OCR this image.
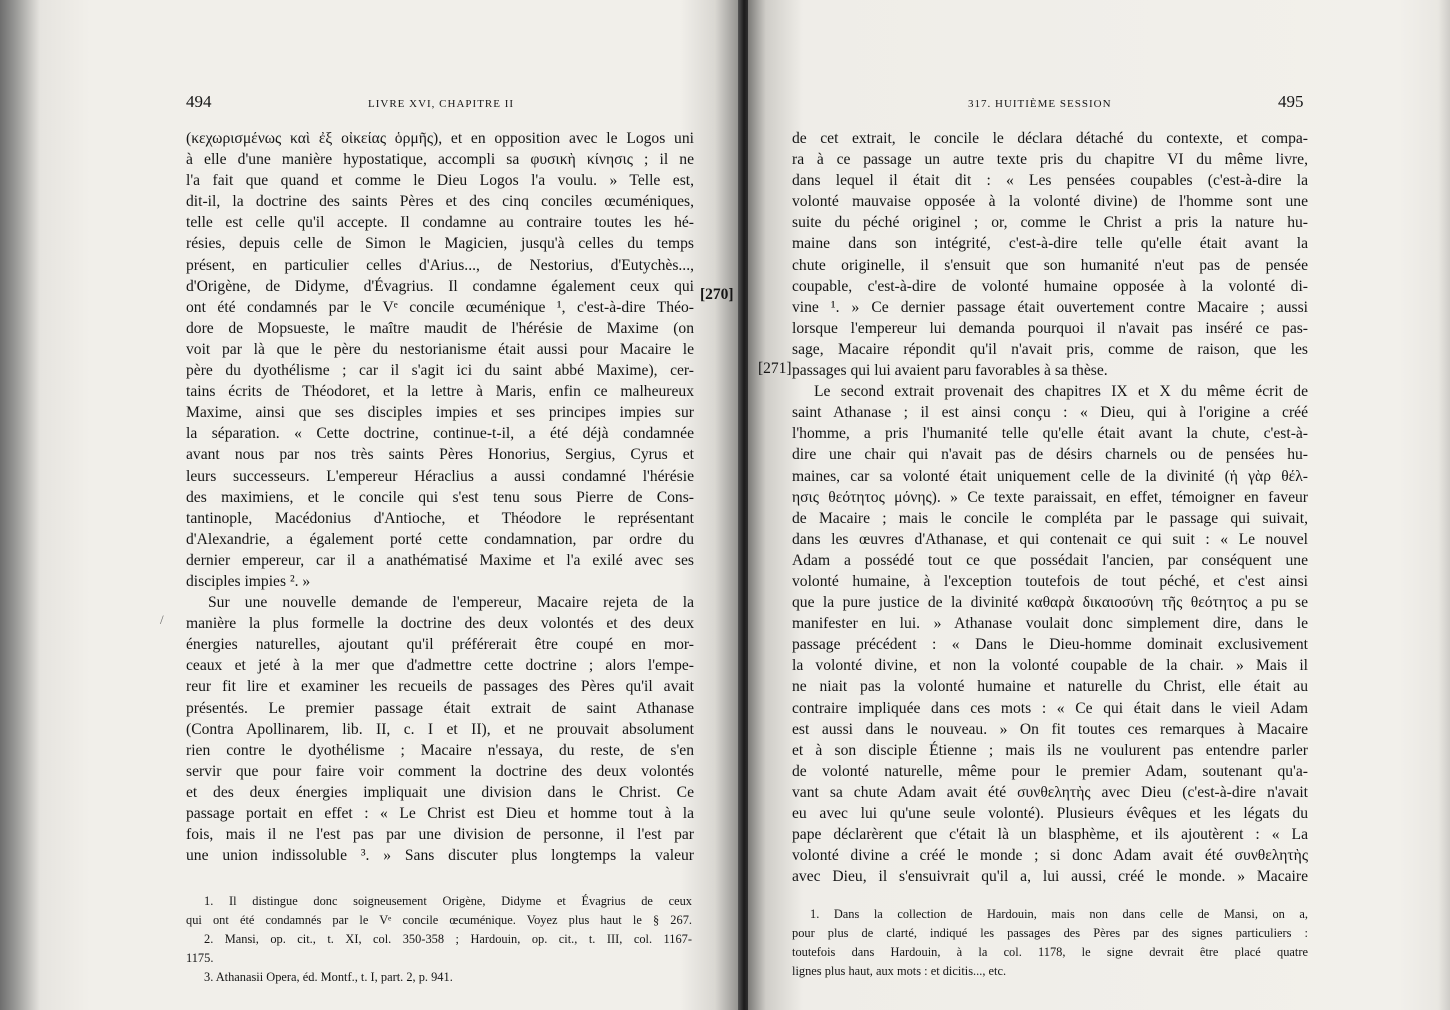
494	LIVRE XVI, CHAPITRE II
(κεχωρισμένως καὶ ἐξ οἰκείας ὁρμῆς), et en opposition avec le Logos uni
à elle d'une manière hypostatique, accompli sa φυσικὴ κίνησις ; il ne
l'a fait que quand et comme le Dieu Logos l'a voulu. » Telle est,
dit-il, la doctrine des saints Pères et des cinq conciles œcuméniques,
telle est celle qu'il accepte. Il condamne au contraire toutes les hé-
résies, depuis celle de Simon le Magicien, jusqu'à celles du temps
présent, en particulier celles d'Arius..., de Nestorius, d'Eutychès...,
d'Origène, de Didyme, d'Évagrius. Il condamne également ceux qui
ont été condamnés par le Vᵉ concile œcuménique ¹, c'est-à-dire Théo-
dore de Mopsueste, le maître maudit de l'hérésie de Maxime (on
voit par là que le père du nestorianisme était aussi pour Macaire le
père du dyothélisme ; car il s'agit ici du saint abbé Maxime), cer-
tains écrits de Théodoret, et la lettre à Maris, enfin ce malheureux
Maxime, ainsi que ses disciples impies et ses principes impies sur
la séparation. « Cette doctrine, continue-t-il, a été déjà condamnée
avant nous par nos très saints Pères Honorius, Sergius, Cyrus et
leurs successeurs. L'empereur Héraclius a aussi condamné l'hérésie
des maximiens, et le concile qui s'est tenu sous Pierre de Cons-
tantinople, Macédonius d'Antioche, et Théodore le représentant
d'Alexandrie, a également porté cette condamnation, par ordre du
dernier empereur, car il a anathématisé Maxime et l'a exilé avec ses
disciples impies ². »
Sur une nouvelle demande de l'empereur, Macaire rejeta de la
manière la plus formelle la doctrine des deux volontés et des deux
énergies naturelles, ajoutant qu'il préférerait être coupé en mor-
ceaux et jeté à la mer que d'admettre cette doctrine ; alors l'empe-
reur fit lire et examiner les recueils de passages des Pères qu'il avait
présentés. Le premier passage était extrait de saint Athanase
(Contra Apollinarem, lib. II, c. I et II), et ne prouvait absolument
rien contre le dyothélisme ; Macaire n'essaya, du reste, de s'en
servir que pour faire voir comment la doctrine des deux volontés
et des deux énergies impliquait une division dans le Christ. Ce
passage portait en effet : « Le Christ est Dieu et homme tout à la
fois, mais il ne l'est pas par une division de personne, il l'est par
une union indissoluble ³. » Sans discuter plus longtemps la valeur
[270]
/
1. Il distingue donc soigneusement Origène, Didyme et Évagrius de ceux
qui ont été condamnés par le Vᵉ concile œcuménique. Voyez plus haut le § 267.
2. Mansi, op. cit., t. XI, col. 350-358 ; Hardouin, op. cit., t. III, col. 1167-
1175.
3. Athanasii Opera, éd. Montf., t. I, part. 2, p. 941.
317. HUITIÈME SESSION	495
[271]
de cet extrait, le concile le déclara détaché du contexte, et compa-
ra à ce passage un autre texte pris du chapitre VI du même livre,
dans lequel il était dit : « Les pensées coupables (c'est-à-dire la
volonté mauvaise opposée à la volonté divine) de l'homme sont une
suite du péché originel ; or, comme le Christ a pris la nature hu-
maine dans son intégrité, c'est-à-dire telle qu'elle était avant la
chute originelle, il s'ensuit que son humanité n'eut pas de pensée
coupable, c'est-à-dire de volonté humaine opposée à la volonté di-
vine ¹. » Ce dernier passage était ouvertement contre Macaire ; aussi
lorsque l'empereur lui demanda pourquoi il n'avait pas inséré ce pas-
sage, Macaire répondit qu'il n'avait pris, comme de raison, que les
passages qui lui avaient paru favorables à sa thèse.
Le second extrait provenait des chapitres IX et X du même écrit de
saint Athanase ; il est ainsi conçu : « Dieu, qui à l'origine a créé
l'homme, a pris l'humanité telle qu'elle était avant la chute, c'est-à-
dire une chair qui n'avait pas de désirs charnels ou de pensées hu-
maines, car sa volonté était uniquement celle de la divinité (ἡ γὰρ θέλ-
ησις θεότητος μόνης). » Ce texte paraissait, en effet, témoigner en faveur
de Macaire ; mais le concile le compléta par le passage qui suivait,
dans les œuvres d'Athanase, et qui contenait ce qui suit : « Le nouvel
Adam a possédé tout ce que possédait l'ancien, par conséquent une
volonté humaine, à l'exception toutefois de tout péché, et c'est ainsi
que la pure justice de la divinité καθαρὰ δικαιοσύνη τῆς θεότητος a pu se
manifester en lui. » Athanase voulait donc simplement dire, dans le
passage précédent : « Dans le Dieu-homme dominait exclusivement
la volonté divine, et non la volonté coupable de la chair. » Mais il
ne niait pas la volonté humaine et naturelle du Christ, elle était au
contraire impliquée dans ces mots : « Ce qui était dans le vieil Adam
est aussi dans le nouveau. » On fit toutes ces remarques à Macaire
et à son disciple Étienne ; mais ils ne voulurent pas entendre parler
de volonté naturelle, même pour le premier Adam, soutenant qu'a-
vant sa chute Adam avait été συνθελητὴς avec Dieu (c'est-à-dire n'avait
eu avec lui qu'une seule volonté). Plusieurs évêques et les légats du
pape déclarèrent que c'était là un blasphème, et ils ajoutèrent : « La
volonté divine a créé le monde ; si donc Adam avait été συνθελητὴς
avec Dieu, il s'ensuivrait qu'il a, lui aussi, créé le monde. » Macaire
1. Dans la collection de Hardouin, mais non dans celle de Mansi, on a,
pour plus de clarté, indiqué les passages des Pères par des signes particuliers :
toutefois dans Hardouin, à la col. 1178, le signe devrait être placé quatre
lignes plus haut, aux mots : et dicitis..., etc.
